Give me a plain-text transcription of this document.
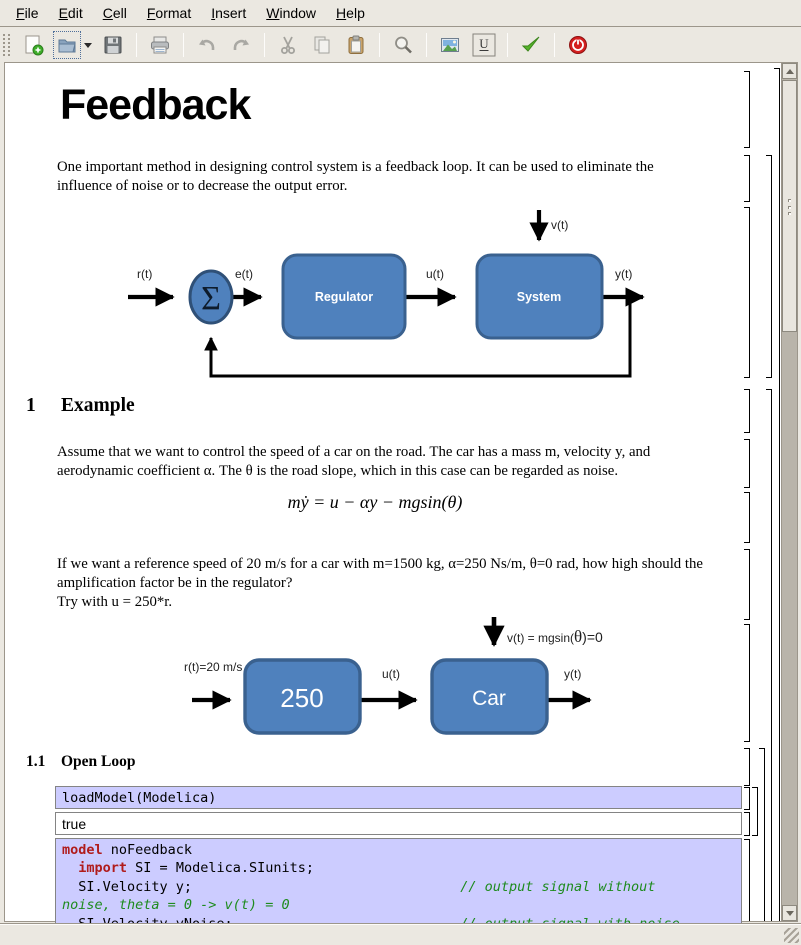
File	Edit	Cell	Format	Insert	Window	Help
U
Feedback
One important method in designing control system is a feedback loop. It can be used to eliminate the influence of noise or to decrease the output error.
Σ	Regulator	System
r(t)	e(t)	u(t)
v(t)
y(t)
1 Example
Assume that we want to control the speed of a car on the road. The car has a mass m, velocity y, and aerodynamic coefficient α. The θ is the road slope, which in this case can be regarded as noise.
mẏ = u − αy − mgsin(θ)
If we want a reference speed of 20 m/s for a car with m=1500 kg, α=250 Ns/m, θ=0 rad, how high should the amplification factor be in the regulator?
Try with u = 250*r.
250	Car
r(t)=20 m/s	u(t)	y(t)
v(t) = mgsin(θ)=0
1.1 Open Loop
loadModel(Modelica)
true
model noFeedback
import SI = Modelica.SIunits;
SI.Velocity y;                                 // output signal without
noise, theta = 0 -> v(t) = 0
